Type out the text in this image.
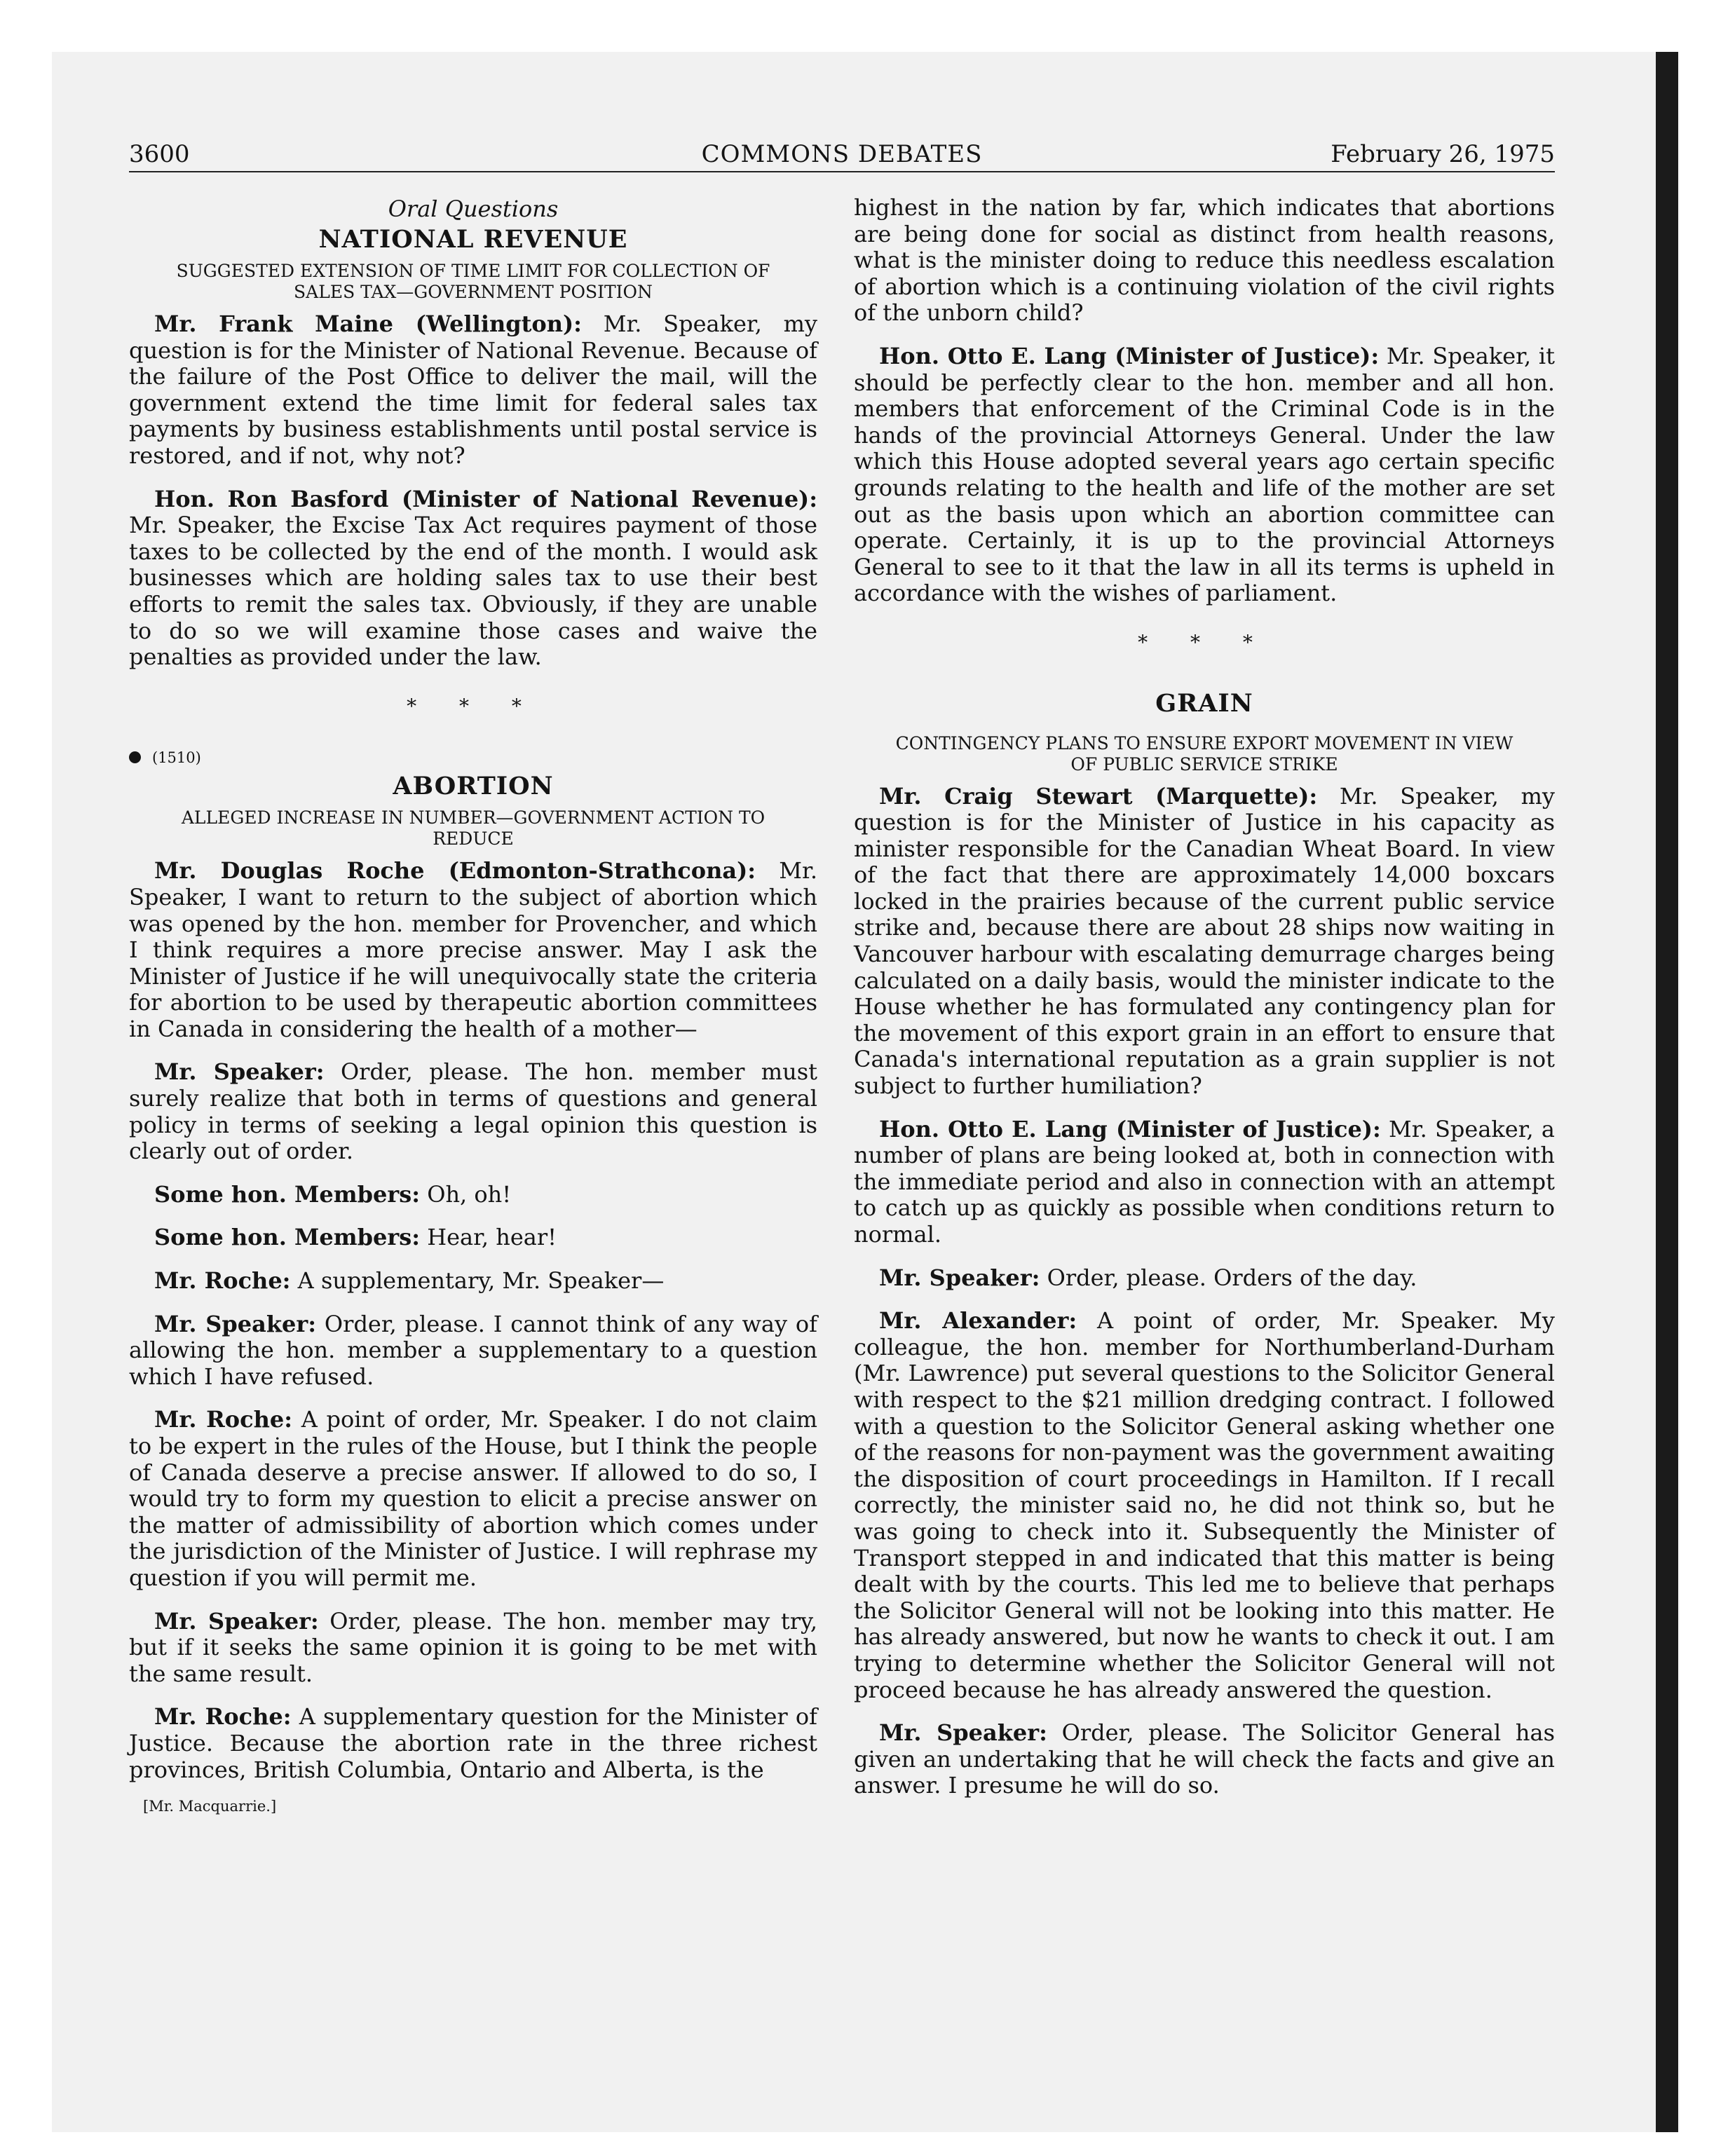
3600	COMMONS DEBATES	February 26, 1975
Oral Questions
NATIONAL REVENUE
SUGGESTED EXTENSION OF TIME LIMIT FOR COLLECTION OF SALES TAX—GOVERNMENT POSITION

Mr. Frank Maine (Wellington): Mr. Speaker, my question is for the Minister of National Revenue. Because of the failure of the Post Office to deliver the mail, will the government extend the time limit for federal sales tax payments by business establishments until postal service is restored, and if not, why not?

Hon. Ron Basford (Minister of National Revenue): Mr. Speaker, the Excise Tax Act requires payment of those taxes to be collected by the end of the month. I would ask businesses which are holding sales tax to use their best efforts to remit the sales tax. Obviously, if they are unable to do so we will examine those cases and waive the penalties as provided under the law.

* * *
(1510)
ABORTION
ALLEGED INCREASE IN NUMBER—GOVERNMENT ACTION TO REDUCE

Mr. Douglas Roche (Edmonton-Strathcona): Mr. Speaker, I want to return to the subject of abortion which was opened by the hon. member for Provencher, and which I think requires a more precise answer. May I ask the Minister of Justice if he will unequivocally state the criteria for abortion to be used by therapeutic abortion committees in Canada in considering the health of a mother—

Mr. Speaker: Order, please. The hon. member must surely realize that both in terms of questions and general policy in terms of seeking a legal opinion this question is clearly out of order.

Some hon. Members: Oh, oh!

Some hon. Members: Hear, hear!

Mr. Roche: A supplementary, Mr. Speaker—

Mr. Speaker: Order, please. I cannot think of any way of allowing the hon. member a supplementary to a question which I have refused.

Mr. Roche: A point of order, Mr. Speaker. I do not claim to be expert in the rules of the House, but I think the people of Canada deserve a precise answer. If allowed to do so, I would try to form my question to elicit a precise answer on the matter of admissibility of abortion which comes under the jurisdiction of the Minister of Justice. I will rephrase my question if you will permit me.

Mr. Speaker: Order, please. The hon. member may try, but if it seeks the same opinion it is going to be met with the same result.

Mr. Roche: A supplementary question for the Minister of Justice. Because the abortion rate in the three richest provinces, British Columbia, Ontario and Alberta, is the

[Mr. Macquarrie.]

highest in the nation by far, which indicates that abortions are being done for social as distinct from health reasons, what is the minister doing to reduce this needless escalation of abortion which is a continuing violation of the civil rights of the unborn child?

Hon. Otto E. Lang (Minister of Justice): Mr. Speaker, it should be perfectly clear to the hon. member and all hon. members that enforcement of the Criminal Code is in the hands of the provincial Attorneys General. Under the law which this House adopted several years ago certain specific grounds relating to the health and life of the mother are set out as the basis upon which an abortion committee can operate. Certainly, it is up to the provincial Attorneys General to see to it that the law in all its terms is upheld in accordance with the wishes of parliament.

* * *
GRAIN
CONTINGENCY PLANS TO ENSURE EXPORT MOVEMENT IN VIEW OF PUBLIC SERVICE STRIKE

Mr. Craig Stewart (Marquette): Mr. Speaker, my question is for the Minister of Justice in his capacity as minister responsible for the Canadian Wheat Board. In view of the fact that there are approximately 14,000 boxcars locked in the prairies because of the current public service strike and, because there are about 28 ships now waiting in Vancouver harbour with escalating demurrage charges being calculated on a daily basis, would the minister indicate to the House whether he has formulated any contingency plan for the movement of this export grain in an effort to ensure that Canada's international reputation as a grain supplier is not subject to further humiliation?

Hon. Otto E. Lang (Minister of Justice): Mr. Speaker, a number of plans are being looked at, both in connection with the immediate period and also in connection with an attempt to catch up as quickly as possible when conditions return to normal.

Mr. Speaker: Order, please. Orders of the day.

Mr. Alexander: A point of order, Mr. Speaker. My colleague, the hon. member for Northumberland-Durham (Mr. Lawrence) put several questions to the Solicitor General with respect to the $21 million dredging contract. I followed with a question to the Solicitor General asking whether one of the reasons for non-payment was the government awaiting the disposition of court proceedings in Hamilton. If I recall correctly, the minister said no, he did not think so, but he was going to check into it. Subsequently the Minister of Transport stepped in and indicated that this matter is being dealt with by the courts. This led me to believe that perhaps the Solicitor General will not be looking into this matter. He has already answered, but now he wants to check it out. I am trying to determine whether the Solicitor General will not proceed because he has already answered the question.

Mr. Speaker: Order, please. The Solicitor General has given an undertaking that he will check the facts and give an answer. I presume he will do so.
